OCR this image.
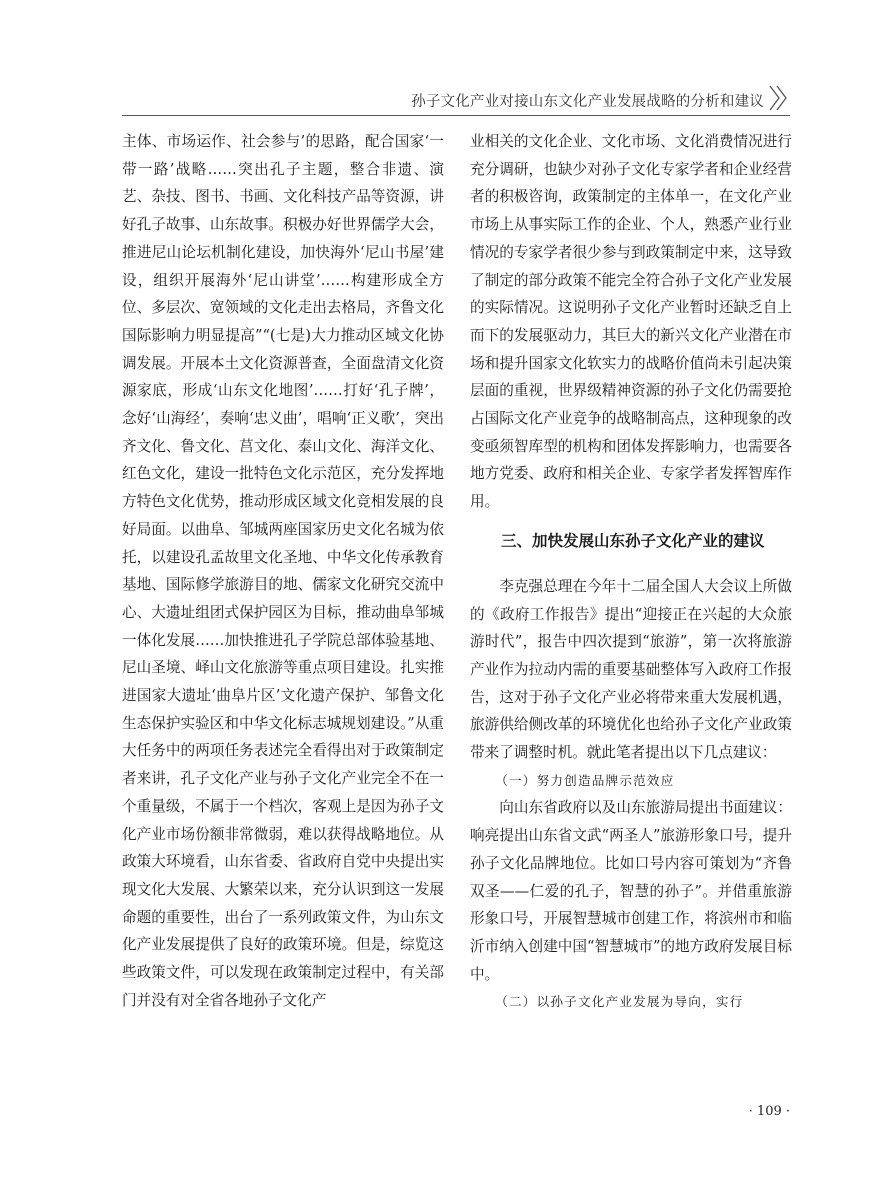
孙子文化产业对接山东文化产业发展战略的分析和建议

主体、市场运作、社会参与’的思路，配合国家‘一带一路’战略……突出孔子主题，整合非遗、演艺、杂技、图书、书画、文化科技产品等资源，讲好孔子故事、山东故事。积极办好世界儒学大会，推进尼山论坛机制化建设，加快海外‘尼山书屋’建设，组织开展海外‘尼山讲堂’……构建形成全方位、多层次、宽领域的文化走出去格局，齐鲁文化国际影响力明显提高”“(七是)大力推动区域文化协调发展。开展本土文化资源普查，全面盘清文化资源家底，形成‘山东文化地图’……打好‘孔子牌’，念好‘山海经’，奏响‘忠义曲’，唱响‘正义歌’，突出齐文化、鲁文化、莒文化、泰山文化、海洋文化、红色文化，建设一批特色文化示范区，充分发挥地方特色文化优势，推动形成区域文化竞相发展的良好局面。以曲阜、邹城两座国家历史文化名城为依托，以建设孔孟故里文化圣地、中华文化传承教育基地、国际修学旅游目的地、儒家文化研究交流中心、大遗址组团式保护园区为目标，推动曲阜邹城一体化发展……加快推进孔子学院总部体验基地、尼山圣境、峄山文化旅游等重点项目建设。扎实推进国家大遗址‘曲阜片区’文化遗产保护、邹鲁文化生态保护实验区和中华文化标志城规划建设。”从重大任务中的两项任务表述完全看得出对于政策制定者来讲，孔子文化产业与孙子文化产业完全不在一个重量级，不属于一个档次，客观上是因为孙子文化产业市场份额非常微弱，难以获得战略地位。从政策大环境看，山东省委、省政府自党中央提出实现文化大发展、大繁荣以来，充分认识到这一发展命题的重要性，出台了一系列政策文件，为山东文化产业发展提供了良好的政策环境。但是，综览这些政策文件，可以发现在政策制定过程中，有关部门并没有对全省各地孙子文化产

业相关的文化企业、文化市场、文化消费情况进行充分调研，也缺少对孙子文化专家学者和企业经营者的积极咨询，政策制定的主体单一，在文化产业市场上从事实际工作的企业、个人，熟悉产业行业情况的专家学者很少参与到政策制定中来，这导致了制定的部分政策不能完全符合孙子文化产业发展的实际情况。这说明孙子文化产业暂时还缺乏自上而下的发展驱动力，其巨大的新兴文化产业潜在市场和提升国家文化软实力的战略价值尚未引起决策层面的重视，世界级精神资源的孙子文化仍需要抢占国际文化产业竞争的战略制高点，这种现象的改变亟须智库型的机构和团体发挥影响力，也需要各地方党委、政府和相关企业、专家学者发挥智库作用。

三、加快发展山东孙子文化产业的建议

李克强总理在今年十二届全国人大会议上所做的《政府工作报告》提出“迎接正在兴起的大众旅游时代”，报告中四次提到“旅游”，第一次将旅游产业作为拉动内需的重要基础整体写入政府工作报告，这对于孙子文化产业必将带来重大发展机遇，旅游供给侧改革的环境优化也给孙子文化产业政策带来了调整时机。就此笔者提出以下几点建议：

（一）努力创造品牌示范效应

向山东省政府以及山东旅游局提出书面建议：响亮提出山东省文武“两圣人”旅游形象口号，提升孙子文化品牌地位。比如口号内容可策划为“齐鲁双圣——仁爱的孔子，智慧的孙子”。并借重旅游形象口号，开展智慧城市创建工作，将滨州市和临沂市纳入创建中国“智慧城市”的地方政府发展目标中。

（二）以孙子文化产业发展为导向，实行

· 109 ·
